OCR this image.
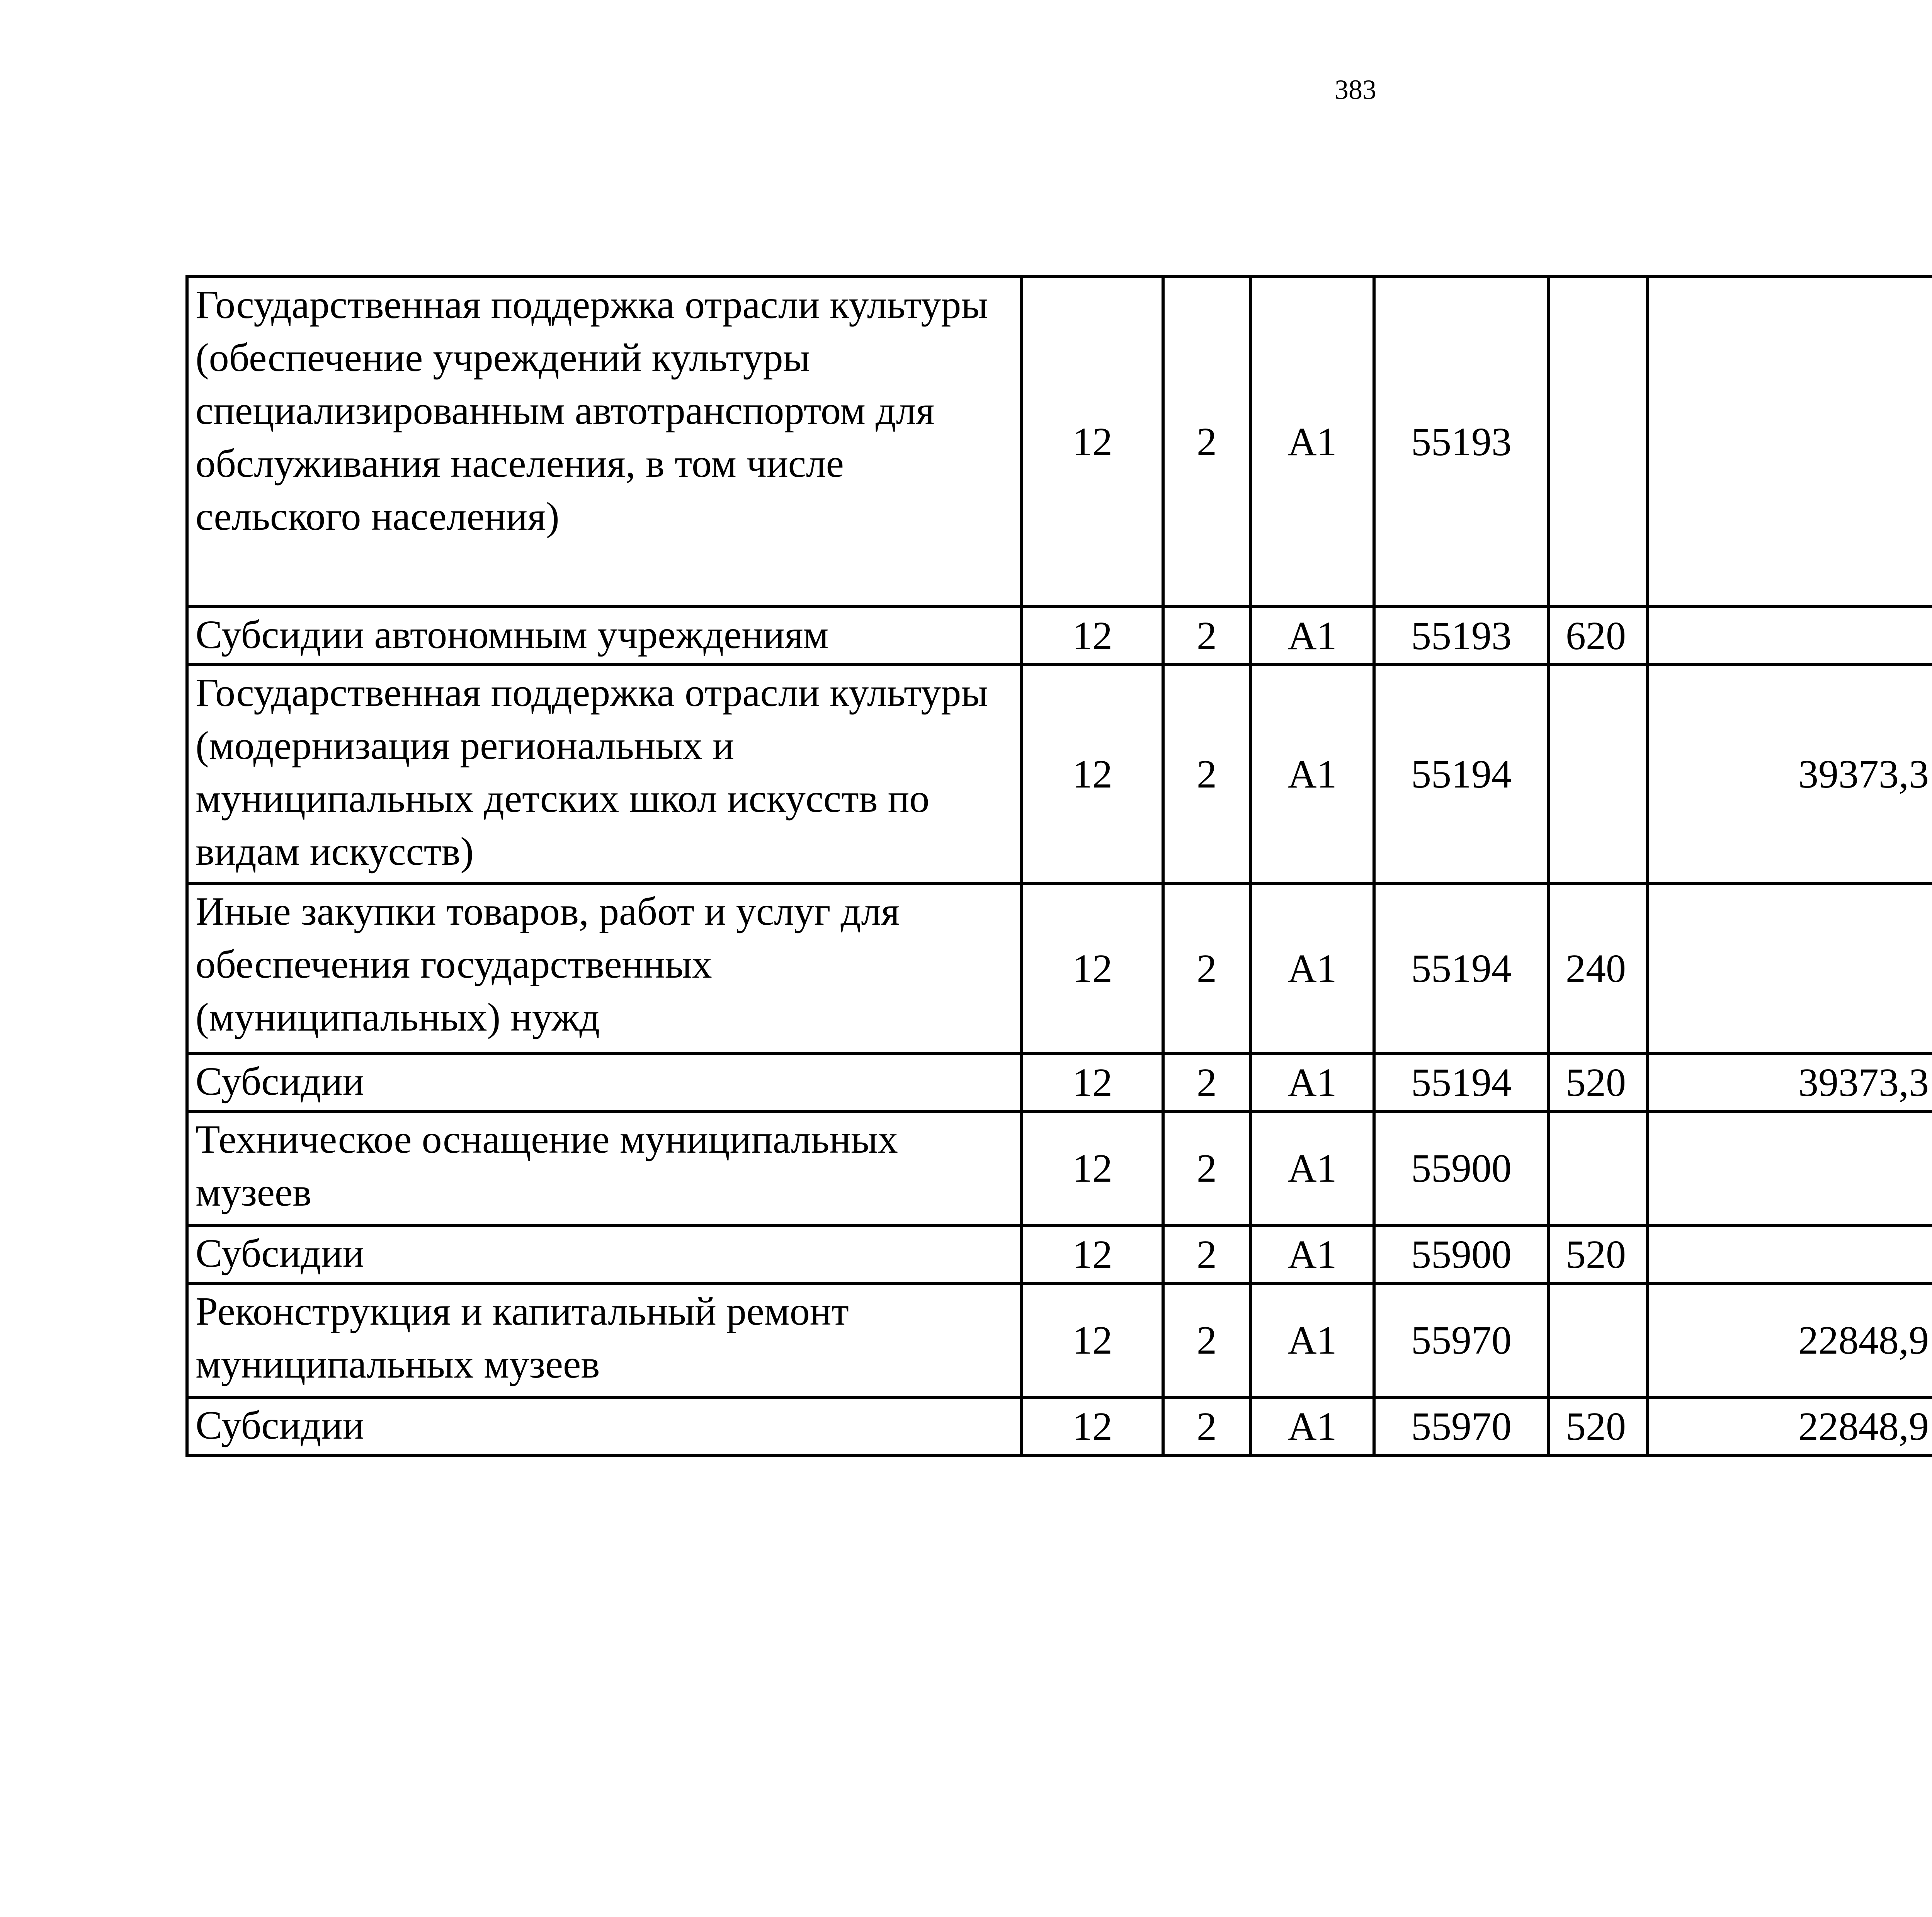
383
Государственная поддержка отрасли культуры (обеспечение учреждений культуры специализированным автотранспортом для обслуживания населения, в том числе сельского населения)	12	2	А1	55193				
Субсидии автономным учреждениям	12	2	А1	55193	620			
Государственная поддержка отрасли культуры (модернизация региональных и муниципальных детских школ искусств по видам искусств)	12	2	А1	55194		39373,3		
Иные закупки товаров, работ и услуг для обеспечения государственных (муниципальных) нужд	12	2	А1	55194	240			
Субсидии	12	2	А1	55194	520	39373,3		
Техническое оснащение муниципальных музеев	12	2	А1	55900				
Субсидии	12	2	А1	55900	520			
Реконструкция и капитальный ремонт муниципальных музеев	12	2	А1	55970		22848,9		
Субсидии	12	2	А1	55970	520	22848,9		
